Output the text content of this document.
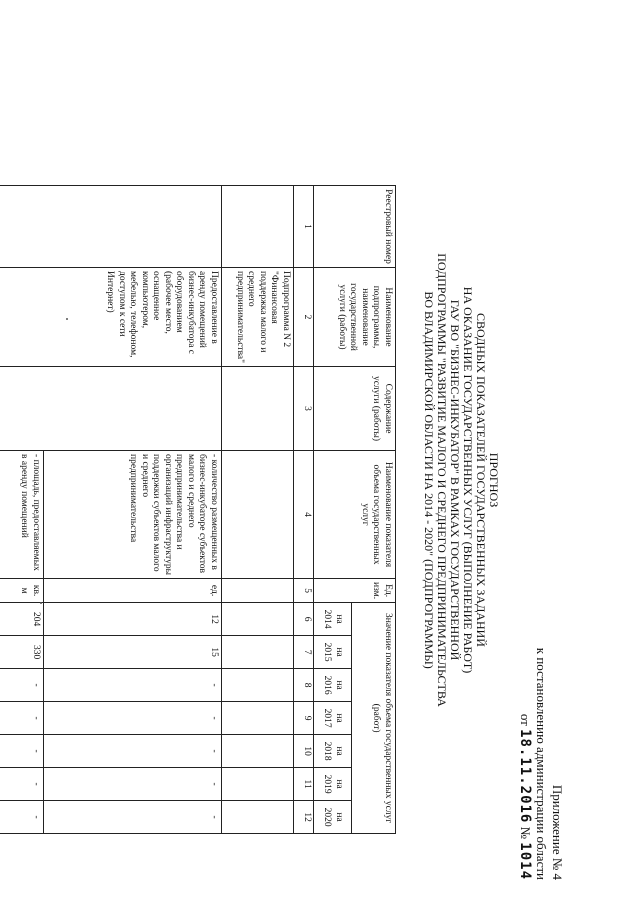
Приложение № 4
к постановлению администрации области
от 18.11.2016 № 1014
ПРОГНОЗ
СВОДНЫХ ПОКАЗАТЕЛЕЙ ГОСУДАРСТВЕННЫХ ЗАДАНИЙ
НА ОКАЗАНИЕ ГОСУДАРСТВЕННЫХ УСЛУГ (ВЫПОЛНЕНИЕ РАБОТ)
ГАУ ВО "БИЗНЕС-ИНКУБАТОР" В РАМКАХ ГОСУДАРСТВЕННОЙ
ПОДПРОГРАММЫ "РАЗВИТИЕ МАЛОГО И СРЕДНЕГО ПРЕДПРИНИМАТЕЛЬСТВА
ВО ВЛАДИМИРСКОЙ ОБЛАСТИ НА 2014 - 2020" (ПОДПРОГРАММЫ)
Реестровый номер	Наименование подпрограммы, наименование государственной услуги (работы)	Содержание услуги (работы)	Наименование показателя объема государственных услуг	Ед. изм.	Значение показателя объема государственных услуг (работ)						
					на 2014	на 2015	на 2016	на 2017	на 2018	на 2019	на 2020
1	2	3	4	5	6	7	8	9	10	11	12
	Подпрограмма N 2 "Финансовая поддержка малого и среднего предпринимательства"										
	Предоставление в аренду помещений бизнес-инкубатора с оборудованием (рабочее место, оснащенное компьютером, мебелью, телефоном, доступом к сети Интернет)		- количество размещенных в бизнес-инкубаторе субъектов малого и среднего предпринимательства и организаций инфраструктуры поддержки субъектов малого и среднего предпринимательства	ед.	12	15	-	-	-	-	-
			- площадь, предоставляемых в аренду помещений	кв. м	204	330	-	-	-	-	-
